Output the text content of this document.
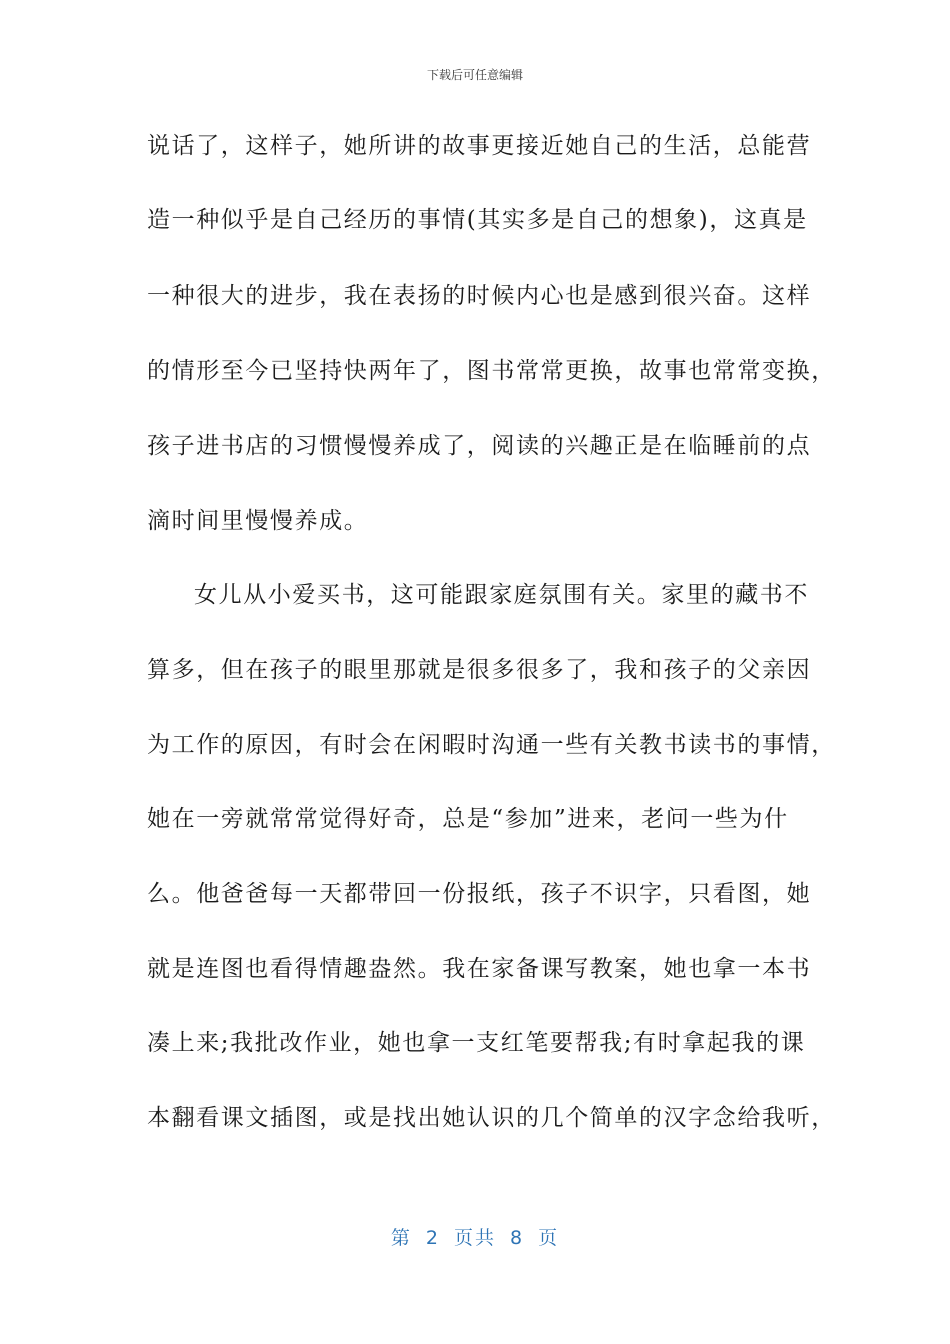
下载后可任意编辑
说话了，这样子，她所讲的故事更接近她自己的生活，总能营
造一种似乎是自己经历的事情(其实多是自己的想象)，这真是
一种很大的进步，我在表扬的时候内心也是感到很兴奋。这样
的情形至今已坚持快两年了，图书常常更换，故事也常常变换，
孩子进书店的习惯慢慢养成了，阅读的兴趣正是在临睡前的点
滴时间里慢慢养成。
女儿从小爱买书，这可能跟家庭氛围有关。家里的藏书不
算多，但在孩子的眼里那就是很多很多了，我和孩子的父亲因
为工作的原因，有时会在闲暇时沟通一些有关教书读书的事情，
她在一旁就常常觉得好奇，总是“参加”进来，老问一些为什
么。他爸爸每一天都带回一份报纸，孩子不识字，只看图，她
就是连图也看得情趣盎然。我在家备课写教案，她也拿一本书
凑上来;我批改作业，她也拿一支红笔要帮我;有时拿起我的课
本翻看课文插图，或是找出她认识的几个简单的汉字念给我听，
第 2 页共 8 页
